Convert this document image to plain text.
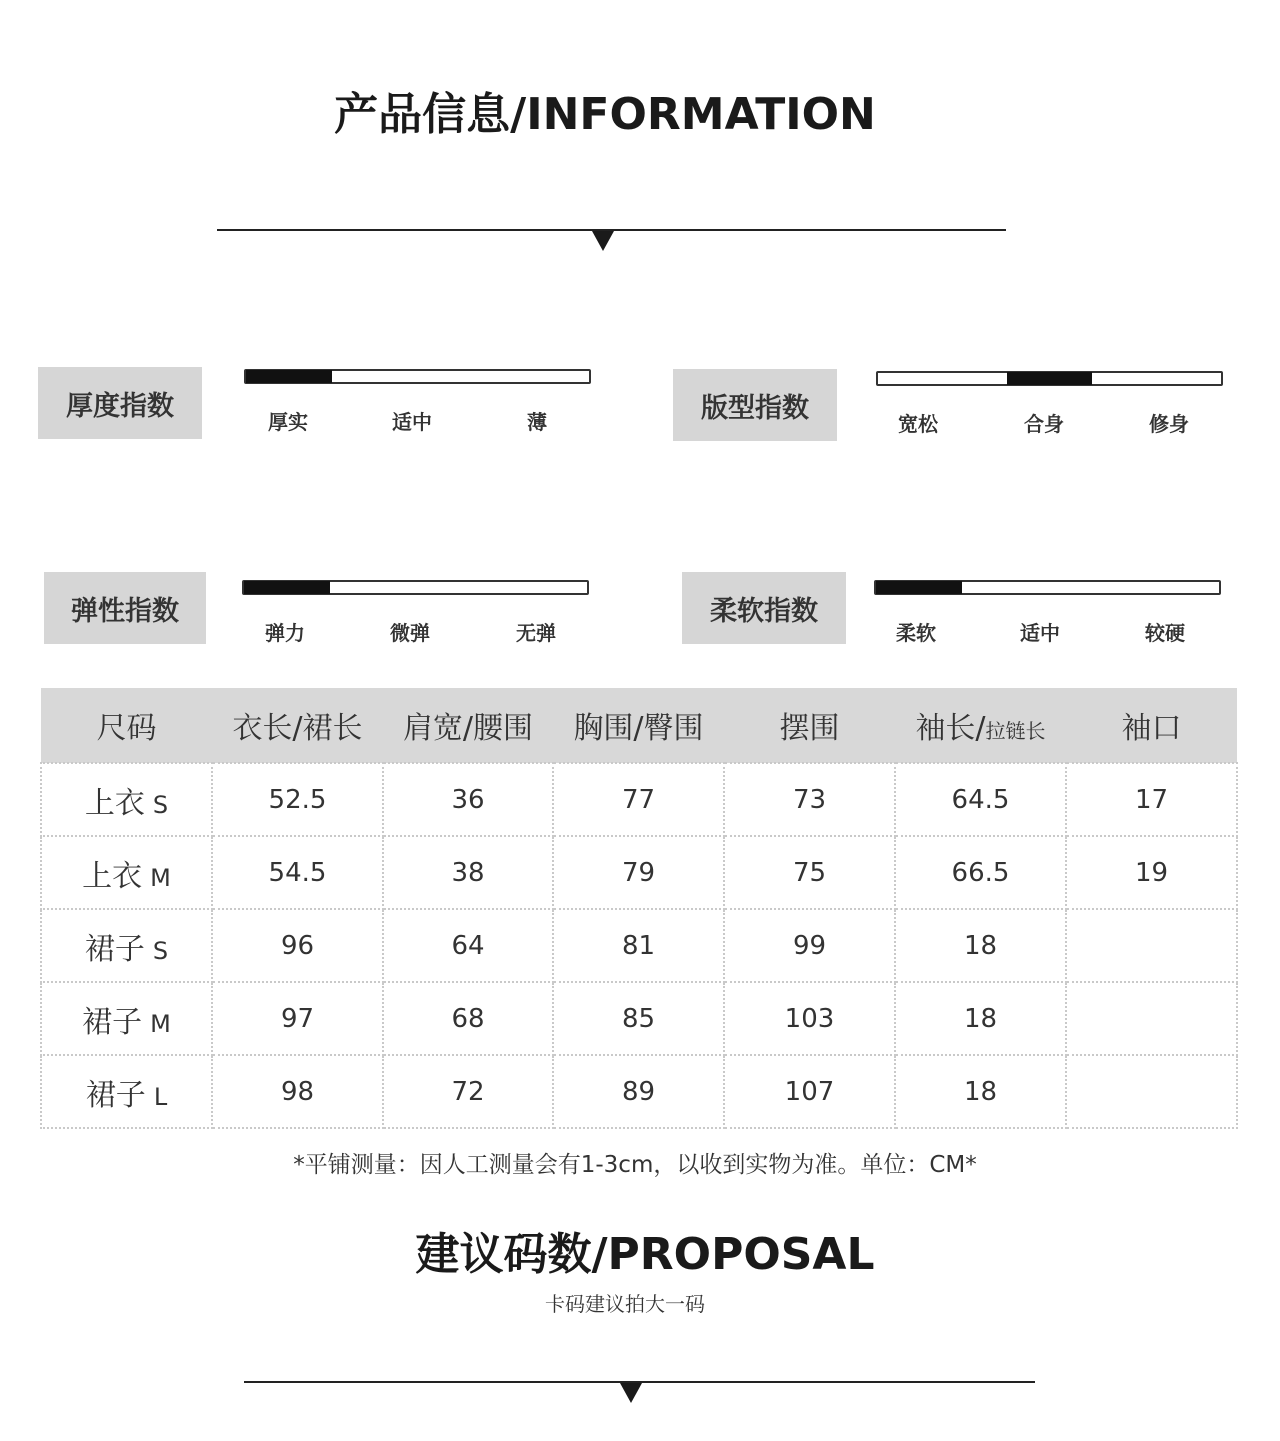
产品信息/INFORMATION
厚度指数
厚实	适中	薄	版型指数
宽松	合身	修身
弹性指数
弹力	微弹	无弹
柔软指数
柔软	适中	较硬
尺码	衣长/裙长	肩宽/腰围	胸围/臀围	摆围	袖长/拉链长	袖口
上衣 S	52.5	36	77	73	64.5	17
上衣 M	54.5	38	79	75	66.5	19
裙子 S	96	64	81	99	18	
裙子 M	97	68	85	103	18	
裙子 L	98	72	89	107	18	
*平铺测量：因人工测量会有1-3cm，以收到实物为准。单位：CM*
建议码数/PROPOSAL
卡码建议拍大一码
